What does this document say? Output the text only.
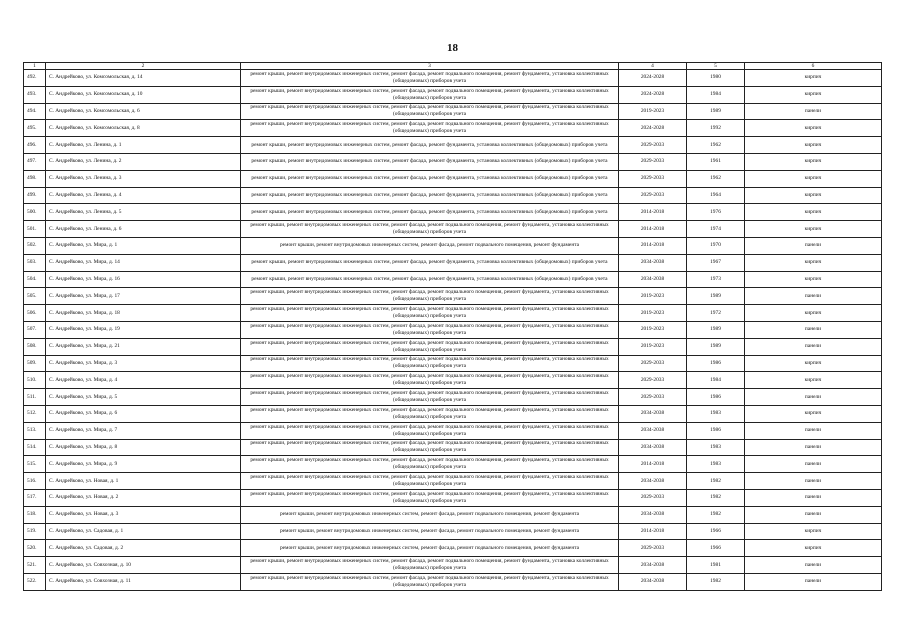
18
1	2	3	4	5	6
492.	С. Андрейково, ул. Комсомольская, д. 14	ремонт крыши, ремонт внутридомовых инженерных систем, ремонт фасада, ремонт подвального помещения, ремонт фундамента, установка коллективных (общедомовых) приборов учета	2024-2028	1980	кирпич
493.	С. Андрейково, ул. Комсомольская, д. 10	ремонт крыши, ремонт внутридомовых инженерных систем, ремонт фасада, ремонт подвального помещения, ремонт фундамента, установка коллективных (общедомовых) приборов учета	2024-2028	1984	кирпич
494.	С. Андрейково, ул. Комсомольская, д. 6	ремонт крыши, ремонт внутридомовых инженерных систем, ремонт фасада, ремонт подвального помещения, ремонт фундамента, установка коллективных (общедомовых) приборов учета	2019-2023	1989	панели
495.	С. Андрейково, ул. Комсомольская, д. 8	ремонт крыши, ремонт внутридомовых инженерных систем, ремонт фасада, ремонт подвального помещения, ремонт фундамента, установка коллективных (общедомовых) приборов учета	2024-2028	1992	кирпич
496.	С. Андрейково, ул. Ленина, д. 1	ремонт крыши, ремонт внутридомовых инженерных систем, ремонт фасада, ремонт фундамента, установка коллективных (общедомовых) приборов учета	2029-2033	1962	кирпич
497.	С. Андрейково, ул. Ленина, д. 2	ремонт крыши, ремонт внутридомовых инженерных систем, ремонт фасада, ремонт фундамента, установка коллективных (общедомовых) приборов учета	2029-2033	1961	кирпич
498.	С. Андрейково, ул. Ленина, д. 3	ремонт крыши, ремонт внутридомовых инженерных систем, ремонт фасада, ремонт фундамента, установка коллективных (общедомовых) приборов учета	2029-2033	1962	кирпич
499.	С. Андрейково, ул. Ленина, д. 4	ремонт крыши, ремонт внутридомовых инженерных систем, ремонт фасада, ремонт фундамента, установка коллективных (общедомовых) приборов учета	2029-2033	1964	кирпич
500.	С. Андрейково, ул. Ленина, д. 5	ремонт крыши, ремонт внутридомовых инженерных систем, ремонт фасада, ремонт фундамента, установка коллективных (общедомовых) приборов учета	2014-2018	1976	кирпич
501.	С. Андрейково, ул. Ленина, д. 6	ремонт крыши, ремонт внутридомовых инженерных систем, ремонт фасада, ремонт подвального помещения, ремонт фундамента, установка коллективных (общедомовых) приборов учета	2014-2018	1974	кирпич
502.	С. Андрейково, ул. Мира, д. 1	ремонт крыши, ремонт внутридомовых инженерных систем, ремонт фасада, ремонт подвального помещения, ремонт фундамента	2014-2018	1970	панели
503.	С. Андрейково, ул. Мира, д. 14	ремонт крыши, ремонт внутридомовых инженерных систем, ремонт фасада, ремонт фундамента, установка коллективных (общедомовых) приборов учета	2034-2038	1967	кирпич
504.	С. Андрейково, ул. Мира, д. 16	ремонт крыши, ремонт внутридомовых инженерных систем, ремонт фасада, ремонт фундамента, установка коллективных (общедомовых) приборов учета	2034-2038	1973	кирпич
505.	С. Андрейково, ул. Мира, д. 17	ремонт крыши, ремонт внутридомовых инженерных систем, ремонт фасада, ремонт подвального помещения, ремонт фундамента, установка коллективных (общедомовых) приборов учета	2019-2023	1989	панели
506.	С. Андрейково, ул. Мира, д. 18	ремонт крыши, ремонт внутридомовых инженерных систем, ремонт фасада, ремонт подвального помещения, ремонт фундамента, установка коллективных (общедомовых) приборов учета	2019-2023	1972	кирпич
507.	С. Андрейково, ул. Мира, д. 19	ремонт крыши, ремонт внутридомовых инженерных систем, ремонт фасада, ремонт подвального помещения, ремонт фундамента, установка коллективных (общедомовых) приборов учета	2019-2023	1989	панели
508.	С. Андрейково, ул. Мира, д. 21	ремонт крыши, ремонт внутридомовых инженерных систем, ремонт фасада, ремонт подвального помещения, ремонт фундамента, установка коллективных (общедомовых) приборов учета	2019-2023	1989	панели
509.	С. Андрейково, ул. Мира, д. 3	ремонт крыши, ремонт внутридомовых инженерных систем, ремонт фасада, ремонт подвального помещения, ремонт фундамента, установка коллективных (общедомовых) приборов учета	2029-2033	1986	кирпич
510.	С. Андрейково, ул. Мира, д. 4	ремонт крыши, ремонт внутридомовых инженерных систем, ремонт фасада, ремонт подвального помещения, ремонт фундамента, установка коллективных (общедомовых) приборов учета	2029-2033	1984	кирпич
511.	С. Андрейково, ул. Мира, д. 5	ремонт крыши, ремонт внутридомовых инженерных систем, ремонт фасада, ремонт подвального помещения, ремонт фундамента, установка коллективных (общедомовых) приборов учета	2029-2033	1986	панели
512.	С. Андрейково, ул. Мира, д. 6	ремонт крыши, ремонт внутридомовых инженерных систем, ремонт фасада, ремонт подвального помещения, ремонт фундамента, установка коллективных (общедомовых) приборов учета	2034-2038	1983	кирпич
513.	С. Андрейково, ул. Мира, д. 7	ремонт крыши, ремонт внутридомовых инженерных систем, ремонт фасада, ремонт подвального помещения, ремонт фундамента, установка коллективных (общедомовых) приборов учета	2034-2038	1986	панели
514.	С. Андрейково, ул. Мира, д. 8	ремонт крыши, ремонт внутридомовых инженерных систем, ремонт фасада, ремонт подвального помещения, ремонт фундамента, установка коллективных (общедомовых) приборов учета	2034-2038	1983	панели
515.	С. Андрейково, ул. Мира, д. 9	ремонт крыши, ремонт внутридомовых инженерных систем, ремонт фасада, ремонт подвального помещения, ремонт фундамента, установка коллективных (общедомовых) приборов учета	2014-2018	1983	панели
516.	С. Андрейково, ул. Новая, д. 1	ремонт крыши, ремонт внутридомовых инженерных систем, ремонт фасада, ремонт подвального помещения, ремонт фундамента, установка коллективных (общедомовых) приборов учета	2034-2038	1982	панели
517.	С. Андрейково, ул. Новая, д. 2	ремонт крыши, ремонт внутридомовых инженерных систем, ремонт фасада, ремонт подвального помещения, ремонт фундамента, установка коллективных (общедомовых) приборов учета	2029-2033	1982	панели
518.	С. Андрейково, ул. Новая, д. 3	ремонт крыши, ремонт внутридомовых инженерных систем, ремонт фасада, ремонт подвального помещения, ремонт фундамента	2034-2038	1982	панели
519.	С. Андрейково, ул. Садовая, д. 1	ремонт крыши, ремонт внутридомовых инженерных систем, ремонт фасада, ремонт подвального помещения, ремонт фундамента	2014-2018	1966	кирпич
520.	С. Андрейково, ул. Садовая, д. 2	ремонт крыши, ремонт внутридомовых инженерных систем, ремонт фасада, ремонт подвального помещения, ремонт фундамента	2029-2033	1966	кирпич
521.	С. Андрейково, ул. Совхозная, д. 10	ремонт крыши, ремонт внутридомовых инженерных систем, ремонт фасада, ремонт подвального помещения, ремонт фундамента, установка коллективных (общедомовых) приборов учета	2034-2038	1981	панели
522.	С. Андрейково, ул. Совхозная, д. 11	ремонт крыши, ремонт внутридомовых инженерных систем, ремонт фасада, ремонт подвального помещения, ремонт фундамента, установка коллективных (общедомовых) приборов учета	2034-2038	1982	панели
